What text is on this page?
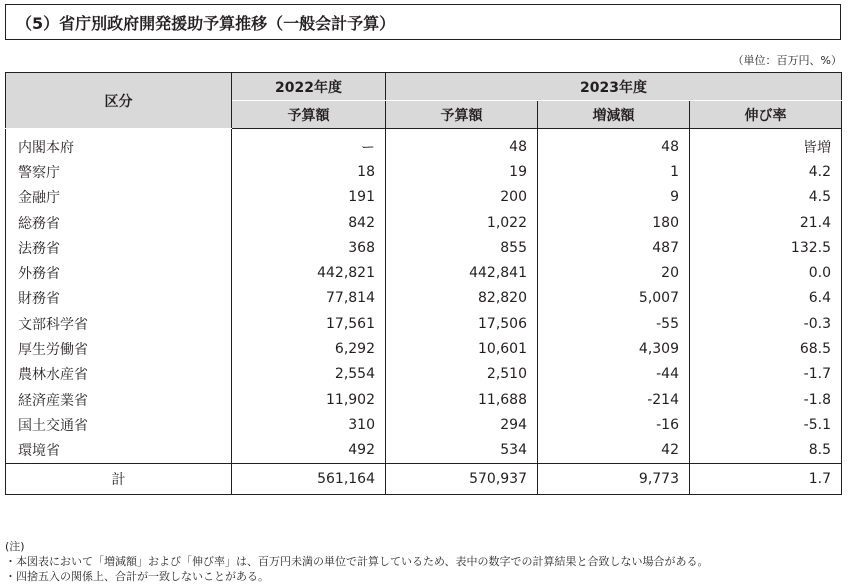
（5）省庁別政府開発援助予算推移（一般会計予算）
（単位：百万円、%）
区分	2022年度	2023年度		
	予算額	予算額	増減額	伸び率
内閣本府	ー	48	48	皆増
警察庁	18	19	1	4.2
金融庁	191	200	9	4.5
総務省	842	1,022	180	21.4
法務省	368	855	487	132.5
外務省	442,821	442,841	20	0.0
財務省	77,814	82,820	5,007	6.4
文部科学省	17,561	17,506	-55	-0.3
厚生労働省	6,292	10,601	4,309	68.5
農林水産省	2,554	2,510	-44	-1.7
経済産業省	11,902	11,688	-214	-1.8
国土交通省	310	294	-16	-5.1
環境省	492	534	42	8.5
計	561,164	570,937	9,773	1.7
(注)
・本図表において「増減額」および「伸び率」は、百万円未満の単位で計算しているため、表中の数字での計算結果と合致しない場合がある。
・四捨五入の関係上、合計が一致しないことがある。
